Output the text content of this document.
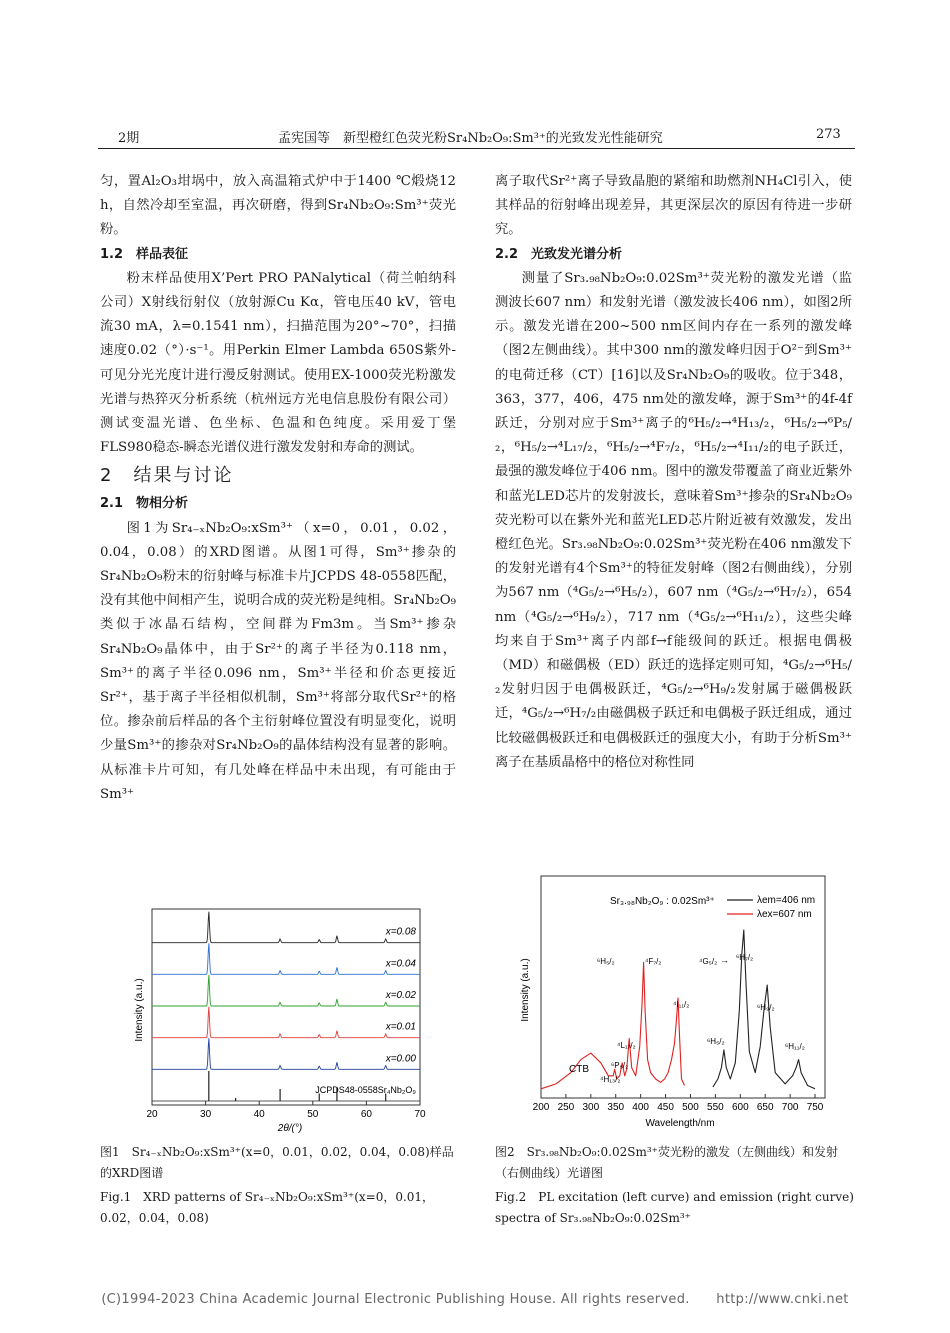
2期	孟宪国等　新型橙红色荧光粉Sr₄Nb₂O₉:Sm³⁺的光致发光性能研究	273

匀，置Al₂O₃坩埚中，放入高温箱式炉中于1400 ℃煅烧12 h，自然冷却至室温，再次研磨，得到Sr₄Nb₂O₉:Sm³⁺荧光粉。

1.2　样品表征

粉末样品使用X’Pert PRO PANalytical（荷兰帕纳科公司）X射线衍射仪（放射源Cu Kα，管电压40 kV，管电流30 mA，λ=0.1541 nm），扫描范围为20°~70°，扫描速度0.02（°）·s⁻¹。用Perkin Elmer Lambda 650S紫外-可见分光光度计进行漫反射测试。使用EX-1000荧光粉激发光谱与热猝灭分析系统（杭州远方光电信息股份有限公司）测试变温光谱、色坐标、色温和色纯度。采用爱丁堡FLS980稳态-瞬态光谱仪进行激发发射和寿命的测试。

2　结果与讨论

2.1　物相分析

图1为Sr₄₋ₓNb₂O₉:xSm³⁺（x=0，0.01，0.02，0.04，0.08）的XRD图谱。从图1可得，Sm³⁺掺杂的Sr₄Nb₂O₉粉末的衍射峰与标准卡片JCPDS 48-0558匹配，没有其他中间相产生，说明合成的荧光粉是纯相。Sr₄Nb₂O₉类似于冰晶石结构，空间群为Fm3m。当Sm³⁺掺杂Sr₄Nb₂O₉晶体中，由于Sr²⁺的离子半径为0.118 nm，Sm³⁺的离子半径0.096 nm，Sm³⁺半径和价态更接近Sr²⁺，基于离子半径相似机制，Sm³⁺将部分取代Sr²⁺的格位。掺杂前后样品的各个主衍射峰位置没有明显变化，说明少量Sm³⁺的掺杂对Sr₄Nb₂O₉的晶体结构没有显著的影响。从标准卡片可知，有几处峰在样品中未出现，有可能由于Sm³⁺

离子取代Sr²⁺离子导致晶胞的紧缩和助燃剂NH₄Cl引入，使其样品的衍射峰出现差异，其更深层次的原因有待进一步研究。

2.2　光致发光谱分析

测量了Sr₃.₉₈Nb₂O₉:0.02Sm³⁺荧光粉的激发光谱（监测波长607 nm）和发射光谱（激发波长406 nm），如图2所示。激发光谱在200~500 nm区间内存在一系列的激发峰（图2左侧曲线）。其中300 nm的激发峰归因于O²⁻到Sm³⁺的电荷迁移（CT）[16]以及Sr₄Nb₂O₉的吸收。位于348，363，377，406，475 nm处的激发峰，源于Sm³⁺的4f-4f跃迁，分别对应于Sm³⁺离子的⁶H₅/₂→⁴H₁₃/₂，⁶H₅/₂→⁶P₅/₂，⁶H₅/₂→⁴L₁₇/₂，⁶H₅/₂→⁴F₇/₂，⁶H₅/₂→⁴I₁₁/₂的电子跃迁，最强的激发峰位于406 nm。图中的激发带覆盖了商业近紫外和蓝光LED芯片的发射波长，意味着Sm³⁺掺杂的Sr₄Nb₂O₉荧光粉可以在紫外光和蓝光LED芯片附近被有效激发，发出橙红色光。Sr₃.₉₈Nb₂O₉:0.02Sm³⁺荧光粉在406 nm激发下的发射光谱有4个Sm³⁺的特征发射峰（图2右侧曲线），分别为567 nm（⁴G₅/₂→⁶H₅/₂），607 nm（⁴G₅/₂→⁶H₇/₂），654 nm（⁴G₅/₂→⁶H₉/₂），717 nm（⁴G₅/₂→⁶H₁₁/₂），这些尖峰均来自于Sm³⁺离子内部f→f能级间的跃迁。根据电偶极（MD）和磁偶极（ED）跃迁的选择定则可知，⁴G₅/₂→⁶H₅/₂发射归因于电偶极跃迁，⁴G₅/₂→⁶H₉/₂发射属于磁偶极跃迁，⁴G₅/₂→⁶H₇/₂由磁偶极子跃迁和电偶极子跃迁组成，通过比较磁偶极跃迁和电偶极跃迁的强度大小，有助于分析Sm³⁺离子在基质晶格中的格位对称性同

20	30	40	50	60	70
x=0.08
x=0.04
x=0.02
x=0.01
x=0.00
JCPDS48-0558Sr₄Nb₂O₉
Intensity (a.u.)
2θ/(°)
图1　Sr₄₋ₓNb₂O₉:xSm³⁺(x=0，0.01，0.02，0.04，0.08)样品的XRD图谱
Fig.1　XRD patterns of Sr₄₋ₓNb₂O₉:xSm³⁺(x=0，0.01，0.02，0.04，0.08)
200 250 300 350 400 450 500 550 600 650 700 750
Intensity (a.u.)
Wavelength/nm
Sr₃.₉₈Nb₂O₉ : 0.02Sm³⁺	λem=406 nm
λex=607 nm
CTB
⁴H₁₃/₂
⁶P₅/₂
⁴L₁₇/₂
⁶H₅/₂	⁴F₇/₂
⁴I₁₁/₂
⁴G₅/₂
⁶H₅/₂
⁶H₇/₂
⁶H₉/₂
⁶H₁₁/₂
→
图2　Sr₃.₉₈Nb₂O₉:0.02Sm³⁺荧光粉的激发（左侧曲线）和发射（右侧曲线）光谱图
Fig.2　PL excitation (left curve) and emission (right curve) spectra of Sr₃.₉₈Nb₂O₉:0.02Sm³⁺
(C)1994-2023 China Academic Journal Electronic Publishing House. All rights reserved.　　http://www.cnki.net
